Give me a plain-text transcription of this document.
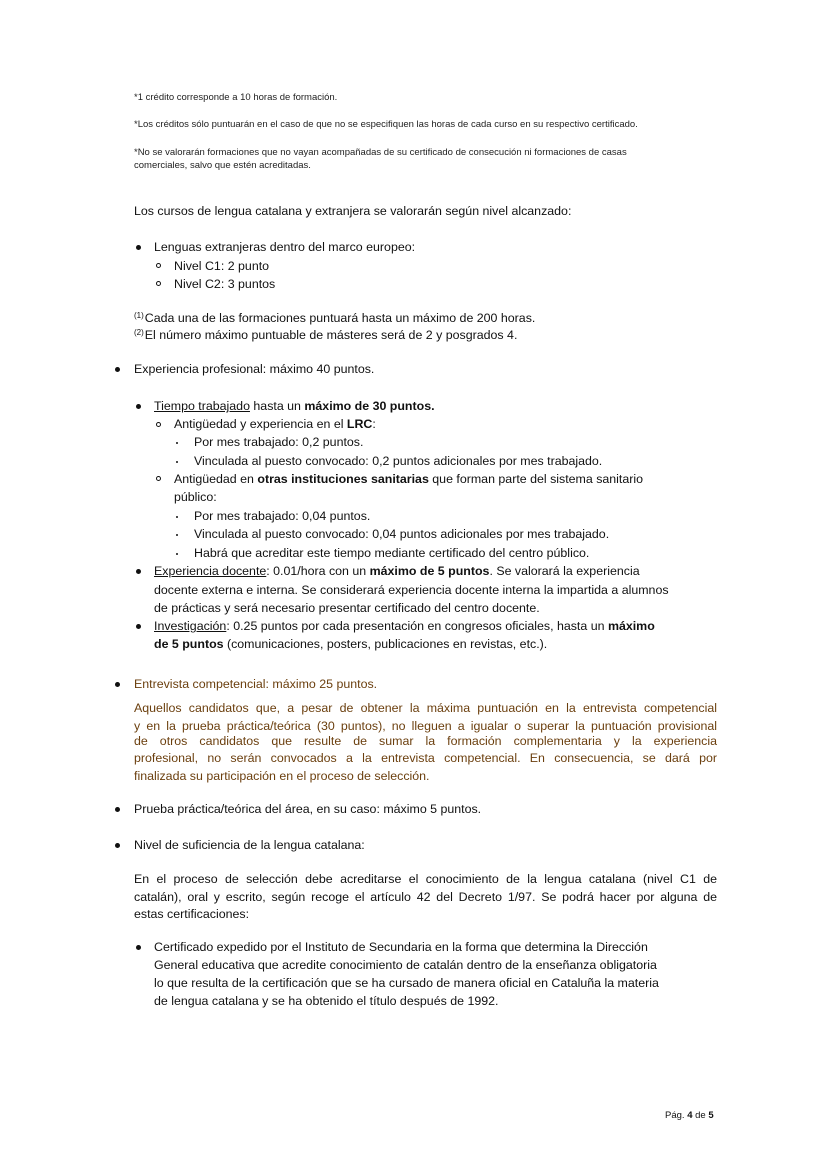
*1 crédito corresponde a 10 horas de formación.
*Los créditos sólo puntuarán en el caso de que no se especifiquen las horas de cada curso en su respectivo certificado.
*No se valorarán formaciones que no vayan acompañadas de su certificado de consecución ni formaciones de casas
comerciales, salvo que estén acreditadas.
Los cursos de lengua catalana y extranjera se valorarán según nivel alcanzado:
Lenguas extranjeras dentro del marco europeo:
Nivel C1: 2 punto
Nivel C2: 3 puntos
$^{(1)}$Cada una de las formaciones puntuará hasta un máximo de 200 horas.
$^{(2)}$El número máximo puntuable de másteres será de 2 y posgrados 4.
Experiencia profesional: máximo 40 puntos.
Tiempo trabajado hasta un máximo de 30 puntos.
Antigüedad y experiencia en el LRC:
Por mes trabajado: 0,2 puntos.
Vinculada al puesto convocado: 0,2 puntos adicionales por mes trabajado.
Antigüedad en otras instituciones sanitarias que forman parte del sistema sanitario
público:
Por mes trabajado: 0,04 puntos.
Vinculada al puesto convocado: 0,04 puntos adicionales por mes trabajado.
Habrá que acreditar este tiempo mediante certificado del centro público.
Experiencia docente: 0.01/hora con un máximo de 5 puntos. Se valorará la experiencia
docente externa e interna. Se considerará experiencia docente interna la impartida a alumnos
de prácticas y será necesario presentar certificado del centro docente.
Investigación: 0.25 puntos por cada presentación en congresos oficiales, hasta un máximo
de 5 puntos (comunicaciones, posters, publicaciones en revistas, etc.).
Entrevista competencial: máximo 25 puntos.
Aquellos candidatos que, a pesar de obtener la máxima puntuación en la entrevista competencial
y en la prueba práctica/teórica (30 puntos), no lleguen a igualar o superar la puntuación provisional
de otros candidatos que resulte de sumar la formación complementaria y la experiencia
profesional, no serán convocados a la entrevista competencial. En consecuencia, se dará por
finalizada su participación en el proceso de selección.
Prueba práctica/teórica del área, en su caso: máximo 5 puntos.
Nivel de suficiencia de la lengua catalana:
En el proceso de selección debe acreditarse el conocimiento de la lengua catalana (nivel C1 de
catalán), oral y escrito, según recoge el artículo 42 del Decreto 1/97. Se podrá hacer por alguna de
estas certificaciones:
Certificado expedido por el Instituto de Secundaria en la forma que determina la Dirección
General educativa que acredite conocimiento de catalán dentro de la enseñanza obligatoria
lo que resulta de la certificación que se ha cursado de manera oficial en Cataluña la materia
de lengua catalana y se ha obtenido el título después de 1992.
Pág. 4 de 5
